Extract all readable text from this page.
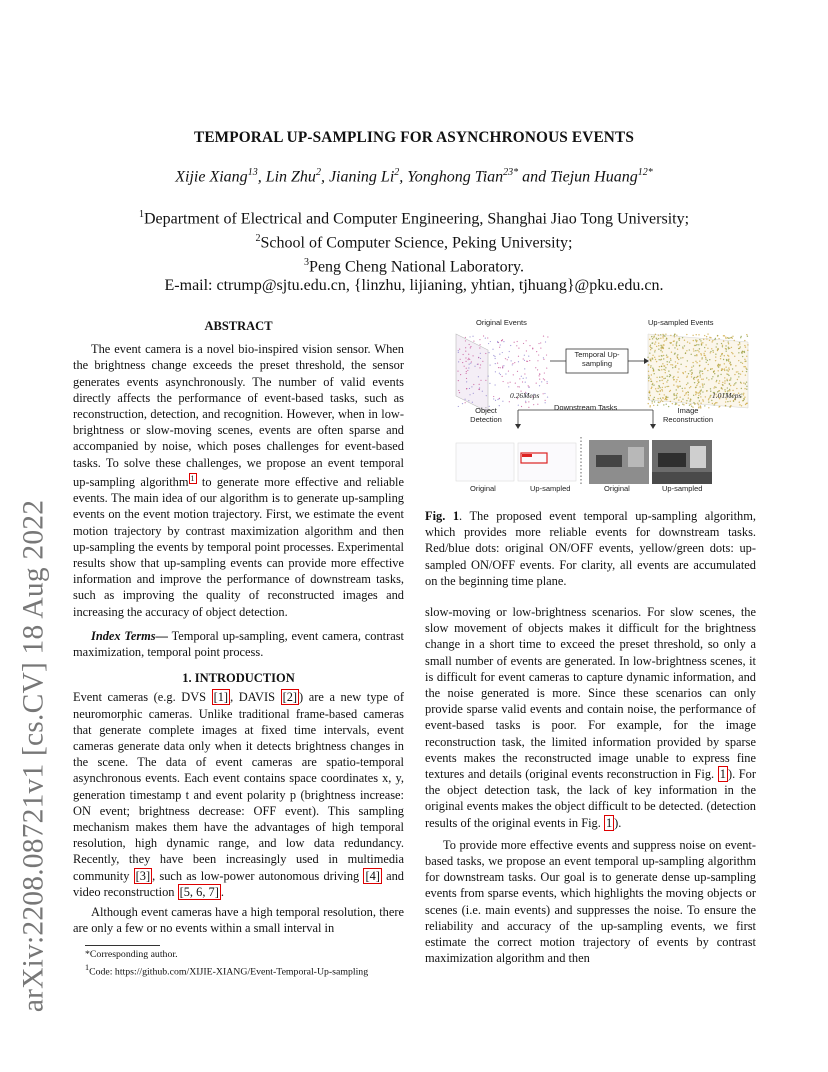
arXiv:2208.08721v1 [cs.CV] 18 Aug 2022
TEMPORAL UP-SAMPLING FOR ASYNCHRONOUS EVENTS
Xijie Xiang$^{13}$, Lin Zhu$^2$, Jianing Li$^2$, Yonghong Tian$^{23*}$ and Tiejun Huang$^{12*}$
$^1$Department of Electrical and Computer Engineering, Shanghai Jiao Tong University;
$^2$School of Computer Science, Peking University;
$^3$Peng Cheng National Laboratory.
E-mail: ctrump@sjtu.edu.cn, {linzhu, lijianing, yhtian, tjhuang}@pku.edu.cn.

ABSTRACT

The event camera is a novel bio-inspired vision sensor. When the brightness change exceeds the preset threshold, the sensor generates events asynchronously. The number of valid events directly affects the performance of event-based tasks, such as reconstruction, detection, and recognition. However, when in low-brightness or slow-moving scenes, events are often sparse and accompanied by noise, which poses challenges for event-based tasks. To solve these challenges, we propose an event temporal up-sampling algorithm $^1$ to generate more effective and reliable events. The main idea of our algorithm is to generate up-sampling events on the event motion trajectory. First, we estimate the event motion trajectory by contrast maximization algorithm and then up-sampling the events by temporal point processes. Experimental results show that up-sampling events can provide more effective information and improve the performance of downstream tasks, such as improving the quality of reconstructed images and increasing the accuracy of object detection.

Index Terms— Temporal up-sampling, event camera, contrast maximization, temporal point process.

1. INTRODUCTION

Event cameras (e.g. DVS [1] , DAVIS [2] ) are a new type of neuromorphic cameras. Unlike traditional frame-based cameras that generate complete images at fixed time intervals, event cameras generate data only when it detects brightness changes in the scene. The data of event cameras are spatio-temporal asynchronous events. Each event contains space coordinates x, y, generation timestamp t and event polarity p (brightness increase: ON event; brightness decrease: OFF event). This sampling mechanism makes them have the advantages of high temporal resolution, high dynamic range, and low data redundancy. Recently, they have been increasingly used in multimedia community [3] , such as low-power autonomous driving [4] and video reconstruction [5, 6, 7] .

Although event cameras have a high temporal resolution, there are only a few or no events within a small interval in

*Corresponding author.
$^1$Code: https://github.com/XIJIE-XIANG/Event-Temporal-Up-sampling
Original Events	Up-sampled Events
Temporal Up-sampling
0.26Meps	1.01Meps
Downstream Tasks
Object Detection
Image Reconstruction
Original	Up-sampled	Original	Up-sampled
Fig. 1. The proposed event temporal up-sampling algorithm, which provides more reliable events for downstream tasks. Red/blue dots: original ON/OFF events, yellow/green dots: up-sampled ON/OFF events. For clarity, all events are accumulated on the beginning time plane.

slow-moving or low-brightness scenarios. For slow scenes, the slow movement of objects makes it difficult for the brightness change in a short time to exceed the preset threshold, so only a small number of events are generated. In low-brightness scenes, it is difficult for event cameras to capture dynamic information, and the noise generated is more. Since these scenarios can only provide sparse valid events and contain noise, the performance of event-based tasks is poor. For example, for the image reconstruction task, the limited information provided by sparse events makes the reconstructed image unable to express fine textures and details (original events reconstruction in Fig. 1 ). For the object detection task, the lack of key information in the original events makes the object difficult to be detected. (detection results of the original events in Fig. 1 ).

To provide more effective events and suppress noise on event-based tasks, we propose an event temporal up-sampling algorithm for downstream tasks. Our goal is to generate dense up-sampling events from sparse events, which highlights the moving objects or scenes (i.e. main events) and suppresses the noise. To ensure the reliability and accuracy of the up-sampling events, we first estimate the correct motion trajectory of events by contrast maximization algorithm and then
